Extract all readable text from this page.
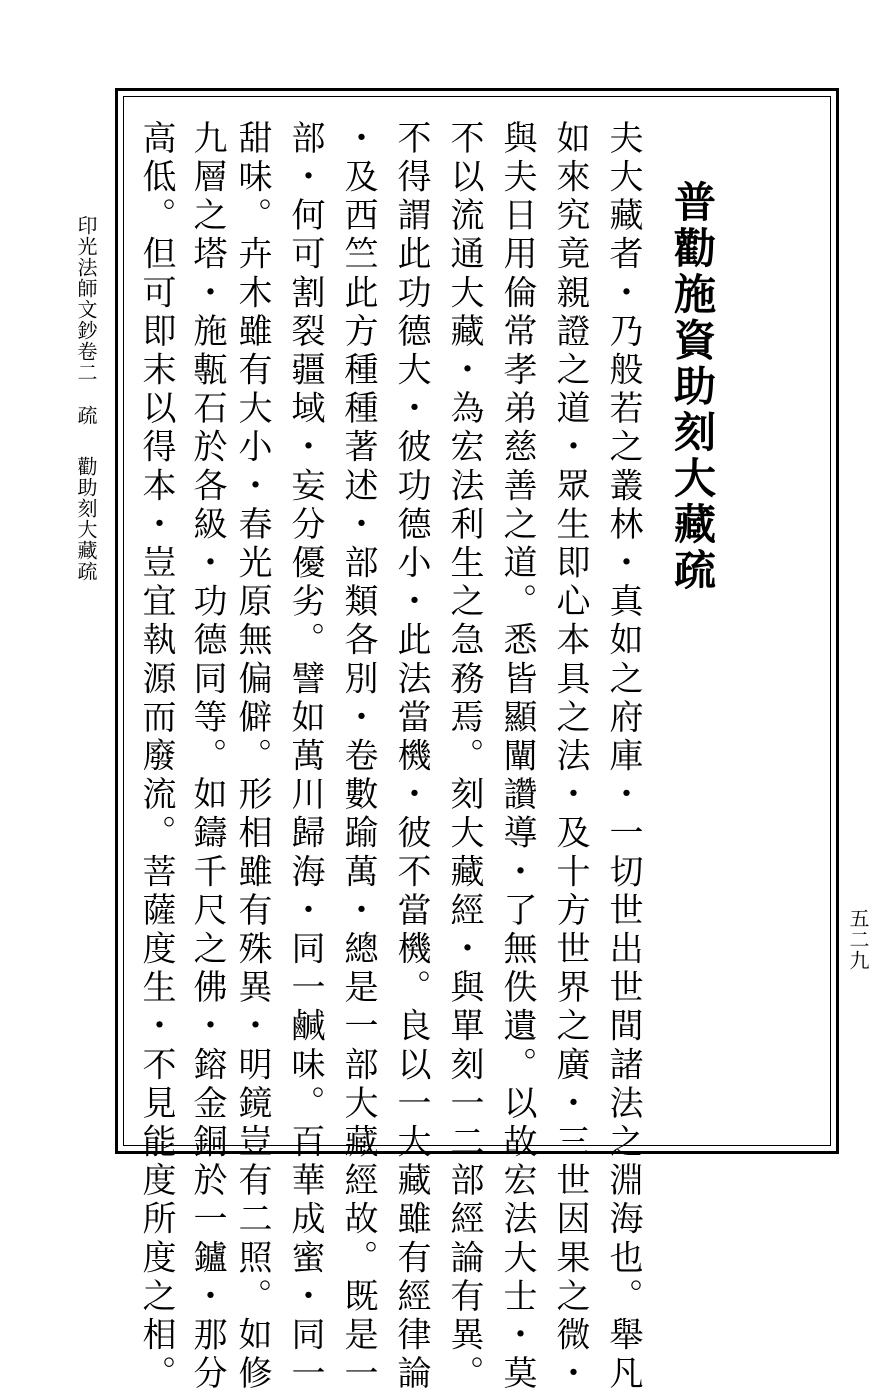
普勸施資助刻大藏疏
夫大藏者・乃般若之叢林・真如之府庫・一切世出世間諸法之淵海也。舉凡
如來究竟親證之道・眾生即心本具之法・及十方世界之廣・三世因果之微・
與夫日用倫常孝弟慈善之道。悉皆顯闡讚導・了無佚遺。以故宏法大士・莫
不以流通大藏・為宏法利生之急務焉。刻大藏經・與單刻一二部經論有異。
不得謂此功德大・彼功德小・此法當機・彼不當機。良以一大藏雖有經律論
・及西竺此方種種著述・部類各別・卷數踰萬・總是一部大藏經故。既是一
部・何可割裂疆域・妄分優劣。譬如萬川歸海・同一鹹味。百華成蜜・同一
甜味。卉木雖有大小・春光原無偏僻。形相雖有殊異・明鏡豈有二照。如修
九層之塔・施甎石於各級・功德同等。如鑄千尺之佛・鎔金銅於一鑪・那分
高低。但可即末以得本・豈宜執源而廢流。菩薩度生・不見能度所度之相。
印光法師文鈔卷二疏勸助刻大藏疏
五二九
